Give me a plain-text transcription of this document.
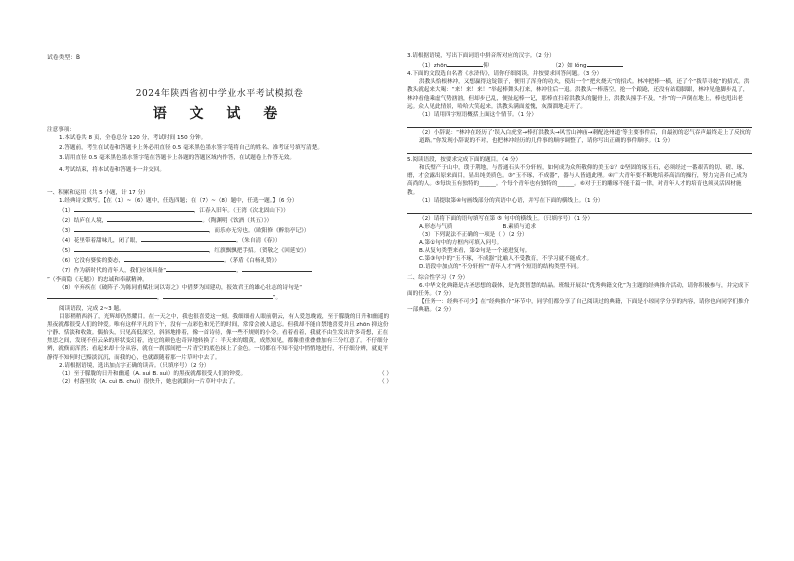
试卷类型：B
2024年陕西省初中学业水平考试模拟卷
语 文 试 卷

注意事项：

1.本试卷共 8 页，全卷总分 120 分，考试时间 150 分钟。

2.答题前，考生在试卷和答题卡上务必用直径 0.5 毫米黑色墨水签字笔将自己的姓名、准考证号填写清楚。

3.请用直径 0.5 毫米黑色墨水签字笔在答题卡上各题的答题区域内作答，在试题卷上作答无效。

4.考试结束，将本试卷和答题卡一并交回。

一、积累和运用（共 5 小题，计 17 分）

1.经典诗文默写。【在（1）~（6）题中，任选四题；在（7）~（8）题中，任选一题。】（6 分）

（1）	，江春入旧年。（王湾《次北固山下》）

（2）结庐在人境，	。（陶渊明《饮酒（其五）》）

（3）	，而乐亦无穷也。（欧阳修《醉翁亭记》）

（4）花里带着甜味儿，闭了眼，	。（朱自清《春》）

（5）	，红旗飘飘把手招。（贺敬之《回延安》）

（6）它没有婆娑的姿态，	。（茅盾《白杨礼赞》）

（7）作为新时代的青年人，我们应该具备“	，

”（李商隐《无题》）的忠诚和奉献精神。

（8）辛弃疾在《破阵子·为陈同甫赋壮词以寄之》中借梦为国建功，报效君王的雄心壮志的诗句是“

，	”。

阅读语段，完成 2~3 题。

目影稍稍西斜了，光辉却仍然耀目。在一天之中，我也很喜爱这一刻。我细细看人眼前朝云，有人爱忽晚霞，至于朦胧的日升和幽遥的黑夜就都很受人们的钟爱。唯有这样平凡的下午，没有一点彩色和光芒的时间，常常会被人遗忘。但我却不能自禁地喜爱并且 zhōn 抑这份宁静、恬淡和收敛。偶抬头，只见高低深空，斜斜地排着，像一首诗待，像一些不规则的小令。看着看着，我就不由生发出许多奇想，正在焦思之间，发现不但云朵的形状变幻着，连它的颜色也奇异地转换了：半天来的缎黄，成然知见，都像重重叠叠加有三分红意了。不仔细分辨，就倏而浑然；看起来却十分从容，就在一刹那间把一片青空的底色抹上了金色。一切都在不知不觉中悄悄地进行，不仔细分辨，就更平静得不知何时已黯淡沉沉，而我的心，也就跟随着那一片草叶中去了。

2.请根据语境，选出加点字正确的读音。（只填序号）（2 分）

（1）至于朦胧的日升和幽遥（A. suì B. suì）的黑夜就都很受人们的钟爱。	（ ）
（2）村落里坎（A. cuì B. chuì）很快升，她也就跟向一片草叶中去了。	（ ）

3.请根据语境，写出下面词语中拼音所对应的汉字。（2 分）

（1）zhōn	仰	（2）如 lǒng

4.下面的文段选自名著《水浒传》，请你仔细阅读，并按要求回答问题。（3 分）

洪教头恰根林冲，又想赢得这锭银子，便用了浑身的功夫，使出一个“把火烧天”的招式。林冲把棒一横，还了个“拨草寻蛇”的招式。洪教头就起来大喝：“来！来！来！”举起棒舞头打来，林冲往后一退。洪教头一棒落空，抢一个踉跄，还没有站稳脚跟，林冲见他脚步乱了，林冲看他乘虚气势汹汹，但却步已乱，便扯起棒一记，那棒直扫着洪教头的腿骨上，洪教头撞手不及，“扑”的一声倒在地上，棒也甩出老远。众人见此情景，哈哈大笑起来。洪教头满面羞愧，灰溜溜地走开了。

（1）请用四字短语概括上面这个情节。（1 分）

（2）小辞说：“林冲在经历了‘误入白虎堂→棒打洪教头→风雪山神庙→刺配沧州道’等主要事件后，自最初的忍气吞声最终走上了反抗的道路。”你发现小辞说的不对，也把林冲经历的几件事的顺序调整了，请你写出正确的事件顺序。（1 分）

5.阅读语段，按要求完成下面的题目。（4 分）

和氏璧产于山中，璞于荆地，与普通石头不分轩轾，如何成为众所敬仰的美玉①？②坚固的琢玉石，必须经过一番艰苦的切、磋、琢、磨，才会露出原来面目，显出纯美质色。③“玉不琢，不成器”，器与人皆通此理。④广大青年要不断地培养高洁的操行，努力完善自己成为高尚的人。⑤每块玉有独特的______。个每个青年也有独特的______。⑥对于王的雕琢不能千篇一律，对青年人才的培育也须灵活因材施教。

（1）请提取第④句画线部分的宾语中心语，并写在下面的横线上。（1 分）

（2）请将下面的语句填写在第 ⑤ 句中的横线上。（只填序号）（1 分）

A.形态与气质	B.素质与追求

（3）下列说法不正确的一项是（ ）（2 分）

A.第①句中的方框内可填入问号。

B.从复句类型来看，第②句是一个递进复句。

C.第③句中的“玉不琢，不成器”比喻人不受教育，不学习就不能成才。

D.语段中加点的“不分轩轾”“青年人才”两个短语的结构类型不同。

二、综合性学习（7 分）

6.中华文化典籍是古圣思想的载体，是先贤智慧的结晶。班级开展以“优秀典籍文化”为主题的经典推介活动，请你积极参与，并完成下面的任务。（7 分）

【任务一：经典不可少】在“经典推介”环节中，同学们都分享了自己阅读过的典籍，下面是小琼同学分享的内容，请你也向同学们推介一部典籍。（2 分）
